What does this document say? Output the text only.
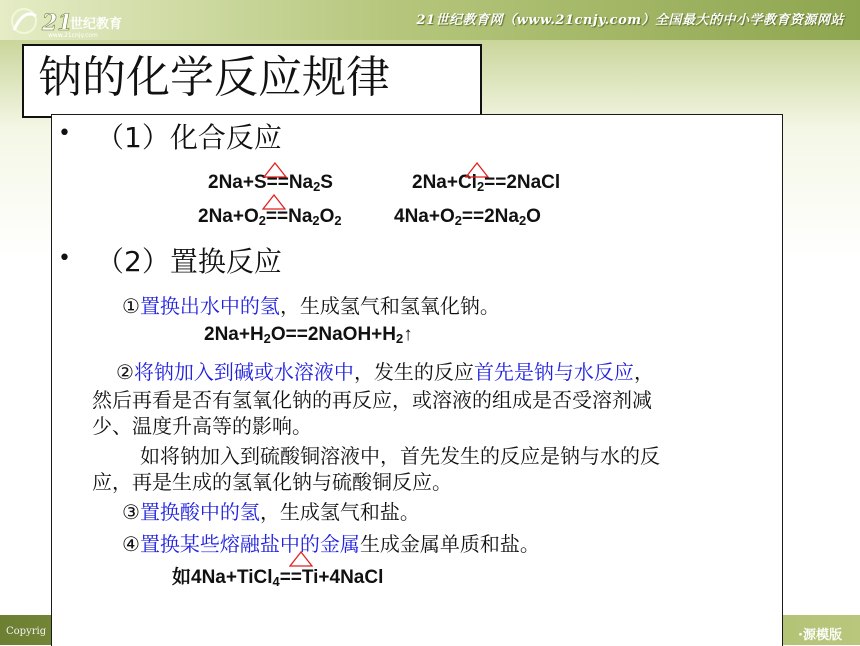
21
世纪教育
www.21cnjy.com
21世纪教育网（www.21cnjy.com）全国最大的中小学教育资源网站
Copyrig	·源模版
钠的化学反应规律
• （1）化合反应
$2Na+S==Na_2S$	$2Na+Cl_2==2NaCl$
$2Na+O_2==Na_2O_2$	$4Na+O_2==2Na_2O$
• （2）置换反应
①置换出水中的氢，生成氢气和氢氧化钠。
$2Na+H_2O==2NaOH+H_2↑$
②将钠加入到碱或水溶液中，发生的反应首先是钠与水反应，
然后再看是否有氢氧化钠的再反应，或溶液的组成是否受溶剂减
少、温度升高等的影响。
如将钠加入到硫酸铜溶液中，首先发生的反应是钠与水的反
应，再是生成的氢氧化钠与硫酸铜反应。
③置换酸中的氢，生成氢气和盐。
④置换某些熔融盐中的金属生成金属单质和盐。
如4Na+TiCl$_4$==Ti+4NaCl
